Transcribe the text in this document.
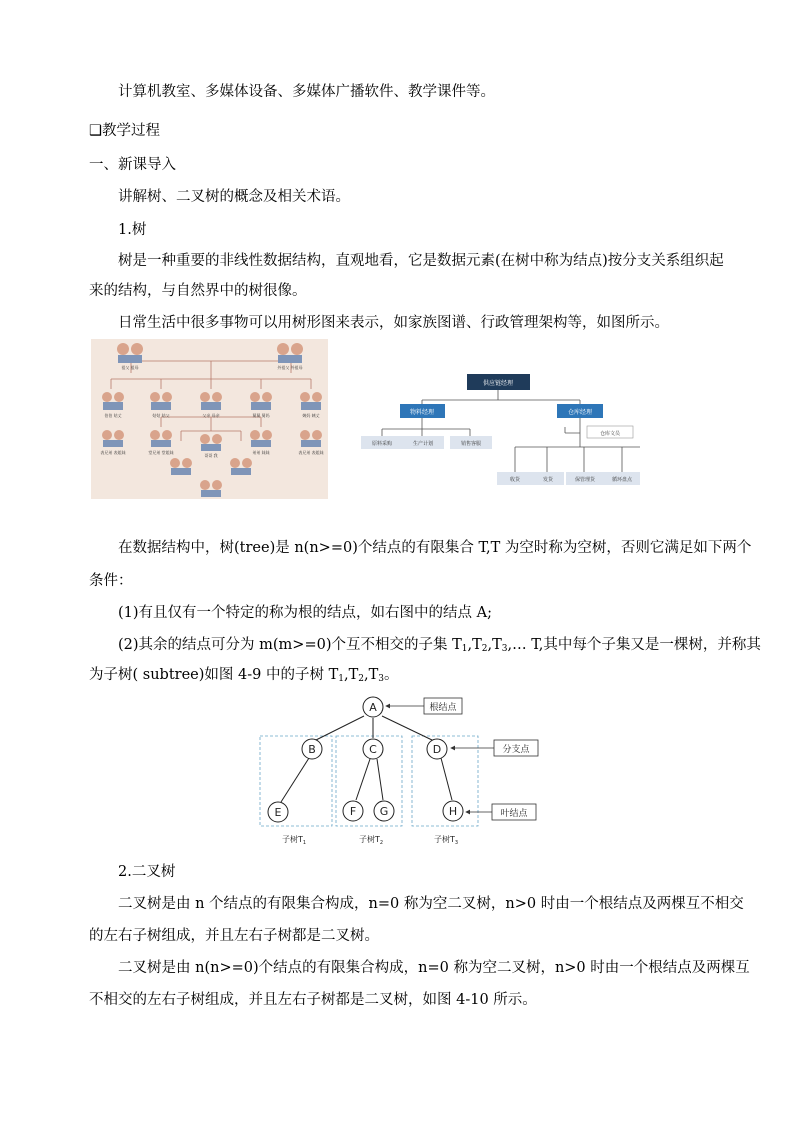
计算机教室、多媒体设备、多媒体广播软件、教学课件等。
❑教学过程
一、新课导入
讲解树、二叉树的概念及相关术语。
1.树
树是一种重要的非线性数据结构，直观地看，它是数据元素(在树中称为结点)按分支关系组织起
来的结构，与自然界中的树很像。
日常生活中很多事物可以用树形图来表示，如家族图谱、行政管理架构等，如图所示。
祖父 祖母	外祖父 外祖母
伯伯 姑丈	姑姑 姑父	父亲 母亲	舅舅 舅妈	姨妈 姨丈
表兄弟 表姐妹	堂兄弟 堂姐妹
哥哥 我
弟弟 妹妹	表兄弟 表姐妹
供应链经理
物料经理	仓库经理
仓库文员
原料采购	生产计划	销售客服
收货	发货	保管理货	循环盘点
在数据结构中，树(tree)是 n(n>=0)个结点的有限集合 T,T 为空时称为空树，否则它满足如下两个
条件：
(1)有且仅有一个特定的称为根的结点，如右图中的结点 A;
(2)其余的结点可分为 m(m>=0)个互不相交的子集 $T_1,T_2,T_3,\dots$ T,其中每个子集又是一棵树，并称其
为子树( subtree)如图 4-9 中的子树 $T_1,T_2,T_3$。
A
B	C	D
E	F G	H
根结点
分支点
叶结点
子树$T_1$	子树$T_2$	子树$T_3$
2.二叉树
二叉树是由 n 个结点的有限集合构成，n=0 称为空二叉树，n>0 时由一个根结点及两棵互不相交
的左右子树组成，并且左右子树都是二叉树。
二叉树是由 n(n>=0)个结点的有限集合构成，n=0 称为空二叉树，n>0 时由一个根结点及两棵互
不相交的左右子树组成，并且左右子树都是二叉树，如图 4-10 所示。
